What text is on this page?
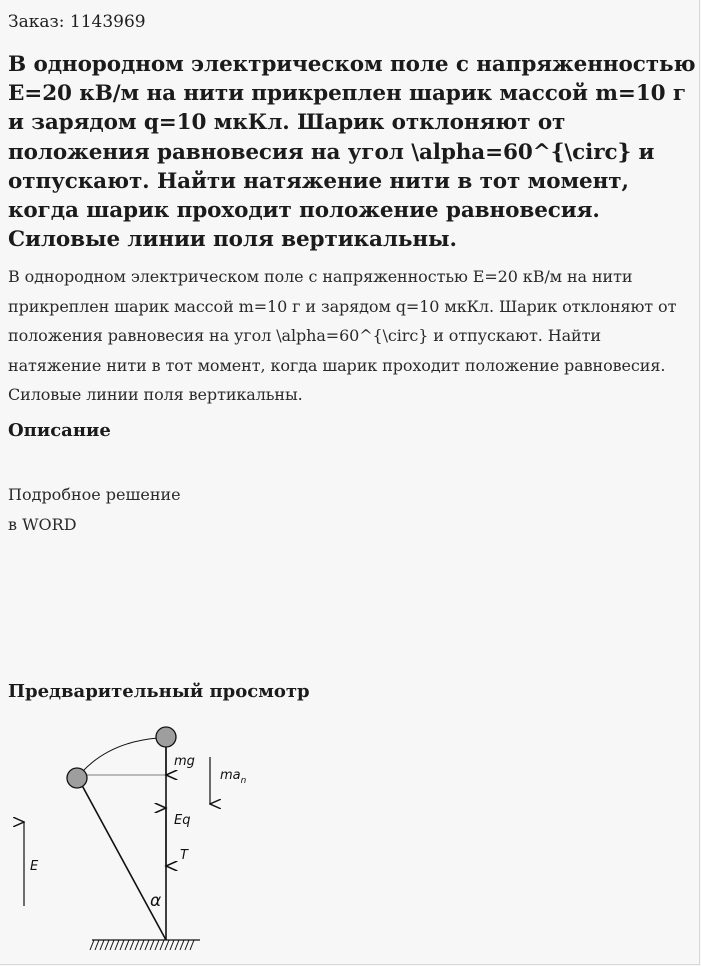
Заказ: 1143969
В однородном электрическом поле с напряженностью E=20 кВ/м на нити прикреплен шарик массой m=10 г и зарядом q=10 мкКл. Шарик отклоняют от положения равновесия на угол \alpha=60^{\circ} и отпускают. Найти натяжение нити в тот момент, когда шарик проходит положение равновесия. Силовые линии поля вертикальны.
В однородном электрическом поле с напряженностью E=20 кВ/м на нити прикреплен шарик массой m=10 г и зарядом q=10 мкКл. Шарик отклоняют от положения равновесия на угол \alpha=60^{\circ} и отпускают. Найти натяжение нити в тот момент, когда шарик проходит положение равновесия. Силовые линии поля вертикальны.
Описание
Подробное решение
в WORD
Предварительный просмотр
mg
$ma_n$
Eq
T
E
α
